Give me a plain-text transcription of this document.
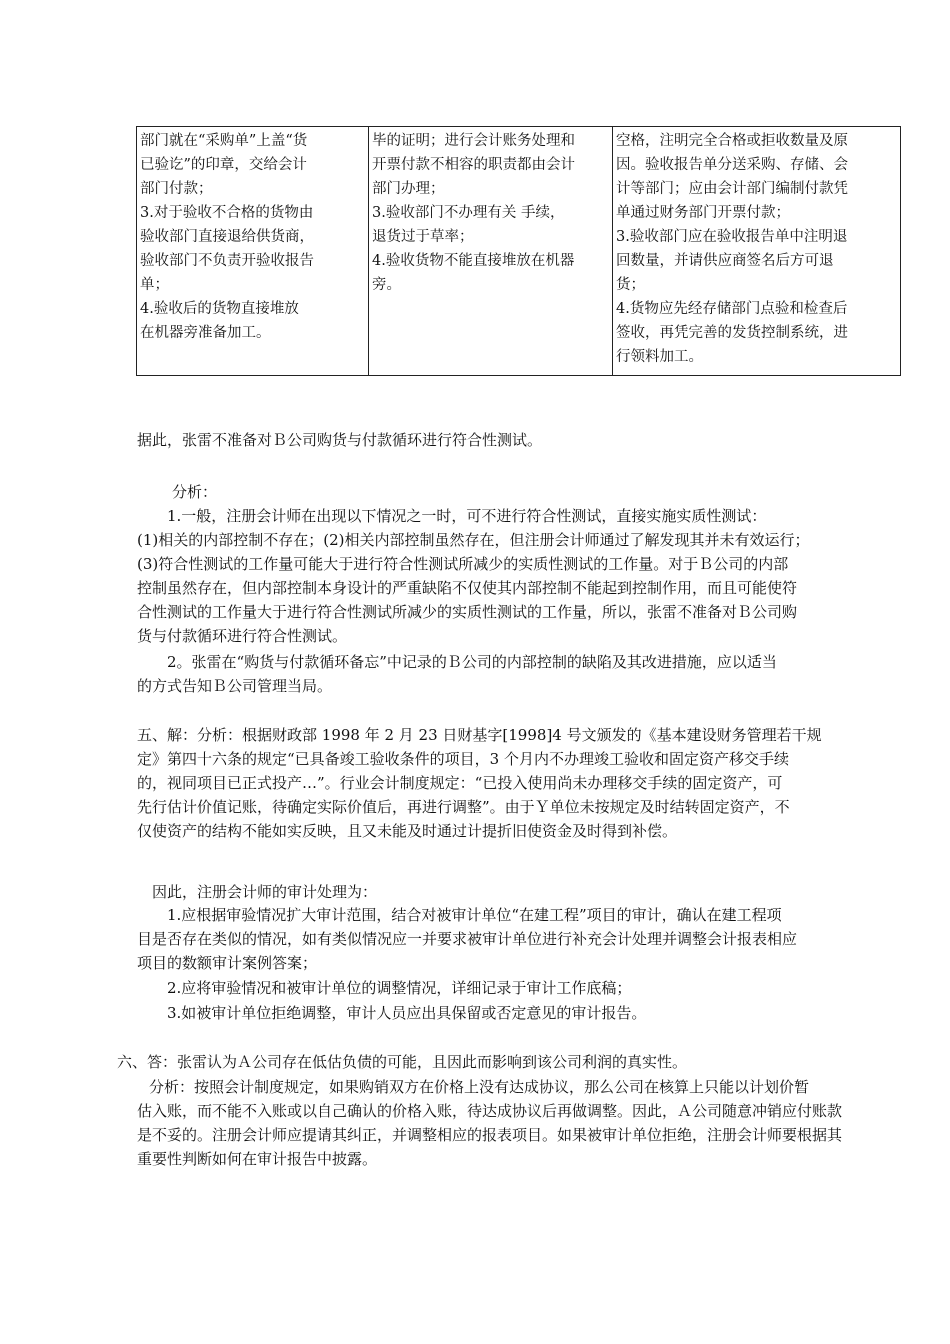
部门就在“采购单”上盖“货
已验讫”的印章，交给会计
部门付款；
3.对于验收不合格的货物由
验收部门直接退给供货商，
验收部门不负责开验收报告
单；
4.验收后的货物直接堆放
在机器旁准备加工。

毕的证明；进行会计账务处理和
开票付款不相容的职责都由会计
部门办理；
3.验收部门不办理有关 手续，
退货过于草率；
4.验收货物不能直接堆放在机器
旁。

空格，注明完全合格或拒收数量及原
因。验收报告单分送采购、存储、会
计等部门；应由会计部门编制付款凭
单通过财务部门开票付款；
3.验收部门应在验收报告单中注明退
回数量，并请供应商签名后方可退
货；
4.货物应先经存储部门点验和检查后
签收，再凭完善的发货控制系统，进
行领料加工。

据此，张雷不准备对Ｂ公司购货与付款循环进行符合性测试。

分析：

1.一般，注册会计师在出现以下情况之一时，可不进行符合性测试，直接实施实质性测试：
(1)相关的内部控制不存在；(2)相关内部控制虽然存在，但注册会计师通过了解发现其并未有效运行；
(3)符合性测试的工作量可能大于进行符合性测试所减少的实质性测试的工作量。对于Ｂ公司的内部
控制虽然存在，但内部控制本身设计的严重缺陷不仅使其内部控制不能起到控制作用，而且可能使符
合性测试的工作量大于进行符合性测试所减少的实质性测试的工作量，所以，张雷不准备对Ｂ公司购
货与付款循环进行符合性测试。
2。张雷在“购货与付款循环备忘”中记录的Ｂ公司的内部控制的缺陷及其改进措施，应以适当
的方式告知Ｂ公司管理当局。
五、解：分析：根据财政部 1998 年 2 月 23 日财基字[1998]4 号文颁发的《基本建设财务管理若干规
定》第四十六条的规定“已具备竣工验收条件的项目，3 个月内不办理竣工验收和固定资产移交手续
的，视同项目已正式投产…”。行业会计制度规定：“已投入使用尚未办理移交手续的固定资产，可
先行估计价值记账，待确定实际价值后，再进行调整”。由于Ｙ单位未按规定及时结转固定资产，不
仅使资产的结构不能如实反映，且又未能及时通过计提折旧使资金及时得到补偿。

因此，注册会计师的审计处理为：

1.应根据审验情况扩大审计范围，结合对被审计单位“在建工程”项目的审计，确认在建工程项
目是否存在类似的情况，如有类似情况应一并要求被审计单位进行补充会计处理并调整会计报表相应
项目的数额审计案例答案；

2.应将审验情况和被审计单位的调整情况，详细记录于审计工作底稿；

3.如被审计单位拒绝调整，审计人员应出具保留或否定意见的审计报告。

六、答：张雷认为Ａ公司存在低估负债的可能，且因此而影响到该公司利润的真实性。

分析：按照会计制度规定，如果购销双方在价格上没有达成协议，那么公司在核算上只能以计划价暂
估入账，而不能不入账或以自己确认的价格入账，待达成协议后再做调整。因此，Ａ公司随意冲销应付账款
是不妥的。注册会计师应提请其纠正，并调整相应的报表项目。如果被审计单位拒绝，注册会计师要根据其
重要性判断如何在审计报告中披露。
